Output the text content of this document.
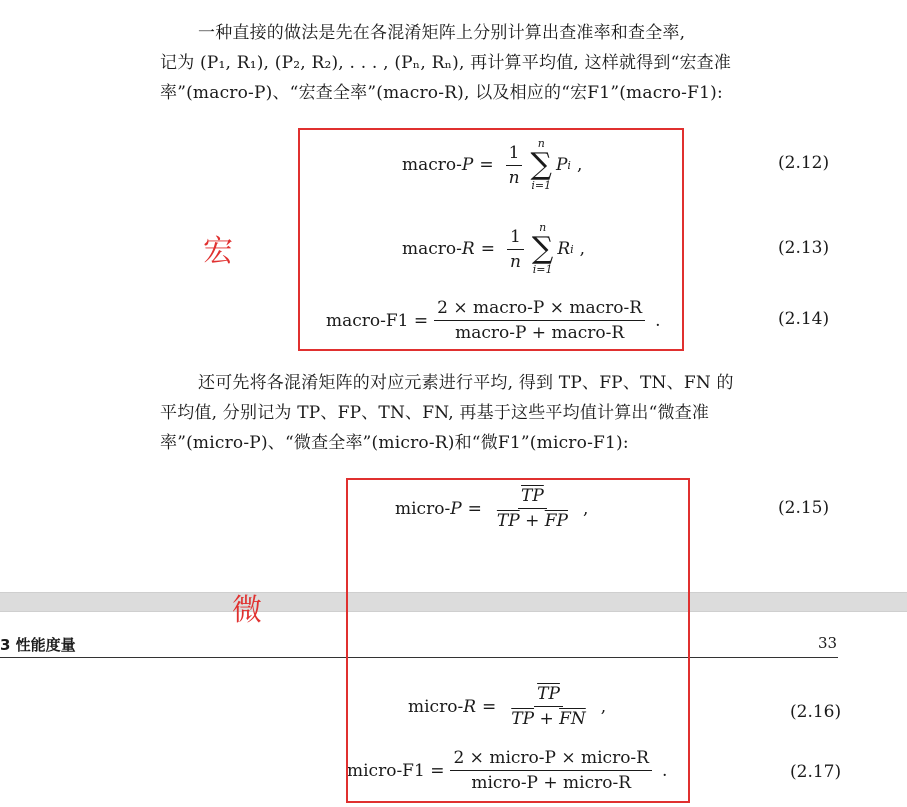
一种直接的做法是先在各混淆矩阵上分别计算出查准率和查全率,
记为 (P₁, R₁), (P₂, R₂), . . . , (Pₙ, Rₙ), 再计算平均值, 这样就得到“宏查准
率”(macro-P)、“宏查全率”(macro-R), 以及相应的“宏F1”(macro-F1):
macro- $P = \frac{1}{n}$ n
∑
i=1
P i ,	(2.12)
macro- $R = \frac{1}{n}$ n
∑
i=1
R i ,	(2.13)
macro-F1 = $\frac{\text{2 × macro-P × macro-R}}{\text{macro-P + macro-R}}$ .	(2.14)
宏
还可先将各混淆矩阵的对应元素进行平均, 得到 TP、FP、TN、FN 的
平均值, 分别记为 TP、FP、TN、FN, 再基于这些平均值计算出“微查准
率”(micro-P)、“微查全率”(micro-R)和“微F1”(micro-F1):
micro- $P = \frac{\overline{TP}}{\overline{TP} + \overline{FP}}$ ,	(2.15)
微
3 性能度量	33
micro- $R = \frac{\overline{TP}}{\overline{TP} + \overline{FN}}$ ,	(2.16)
micro-F1 = $\frac{\text{2 × micro-P × micro-R}}{\text{micro-P + micro-R}}$ .	(2.17)
